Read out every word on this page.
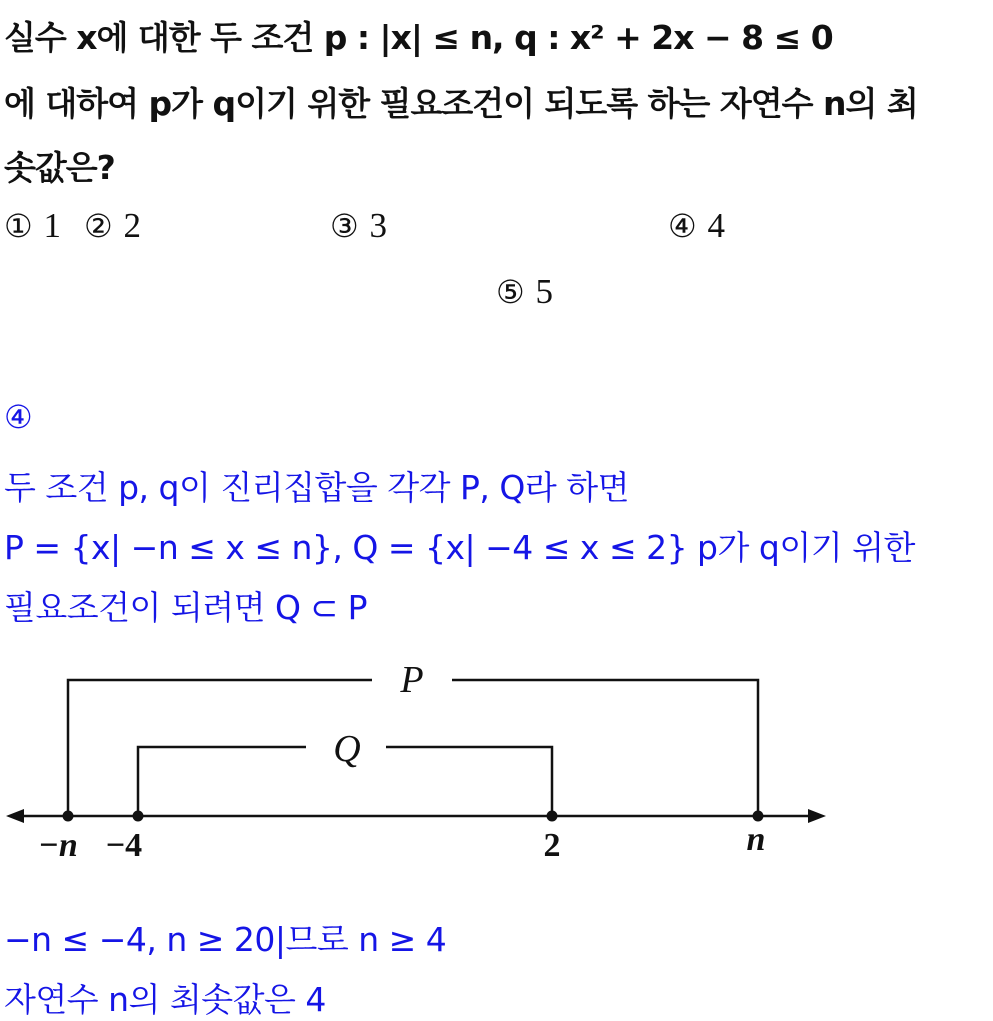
실수 x에 대한 두 조건 p : |x| ≤ n, q : x² + 2x − 8 ≤ 0
에 대하여 p가 q이기 위한 필요조건이 되도록 하는 자연수 n의 최
솟값은?
① 1 ② 2	③ 3	④ 4
⑤ 5
④
두 조건 p, q이 진리집합을 각각 P, Q라 하면
P = {x| −n ≤ x ≤ n}, Q = {x| −4 ≤ x ≤ 2} p가 q이기 위한
필요조건이 되려면 Q ⊂ P
P
Q
−n −4	2	n
−n ≤ −4, n ≥ 20|므로 n ≥ 4
자연수 n의 최솟값은 4
